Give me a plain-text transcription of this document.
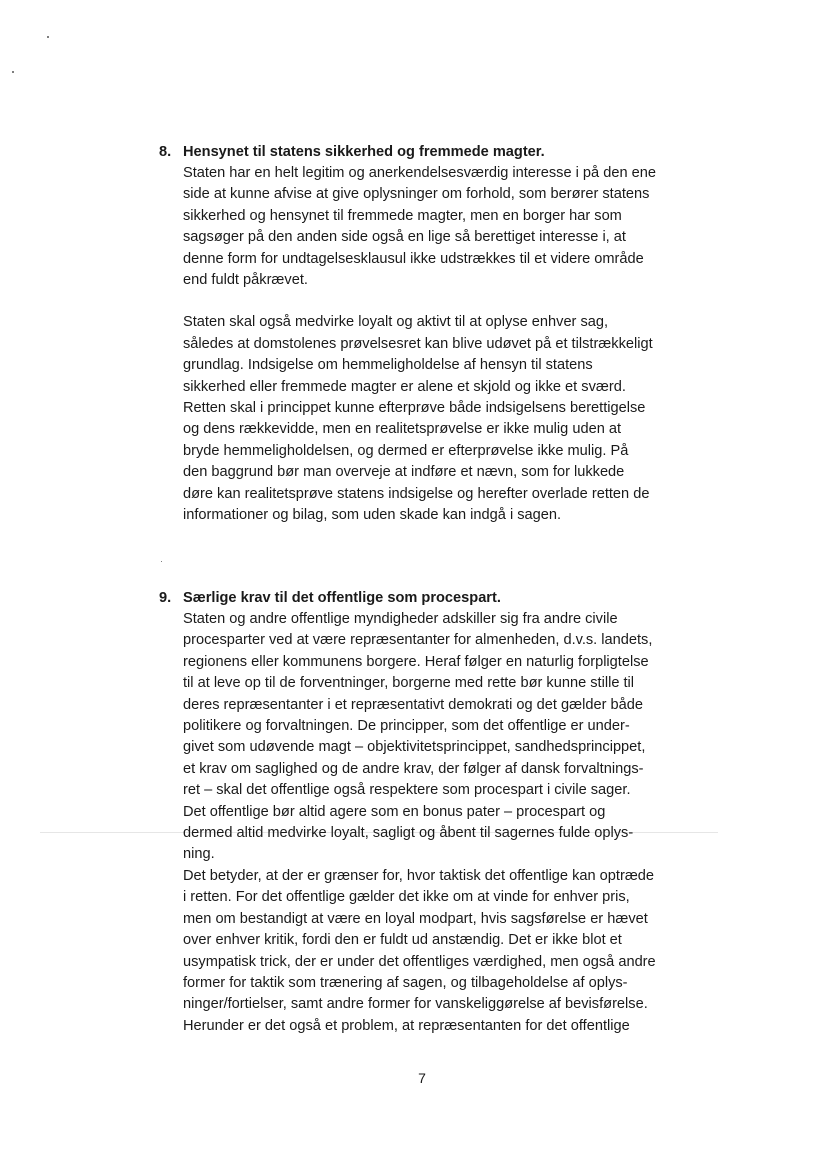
8. Hensynet til statens sikkerhed og fremmede magter.

Staten har en helt legitim og anerkendelsesværdig interesse i på den ene
side at kunne afvise at give oplysninger om forhold, som berører statens
sikkerhed og hensynet til fremmede magter, men en borger har som
sagsøger på den anden side også en lige så berettiget interesse i, at
denne form for undtagelsesklausul ikke udstrækkes til et videre område
end fuldt påkrævet.

Staten skal også medvirke loyalt og aktivt til at oplyse enhver sag,
således at domstolenes prøvelsesret kan blive udøvet på et tilstrækkeligt
grundlag. Indsigelse om hemmeligholdelse af hensyn til statens
sikkerhed eller fremmede magter er alene et skjold og ikke et sværd.
Retten skal i princippet kunne efterprøve både indsigelsens berettigelse
og dens rækkevidde, men en realitetsprøvelse er ikke mulig uden at
bryde hemmeligholdelsen, og dermed er efterprøvelse ikke mulig. På
den baggrund bør man overveje at indføre et nævn, som for lukkede
døre kan realitetsprøve statens indsigelse og herefter overlade retten de
informationer og bilag, som uden skade kan indgå i sagen.

9. Særlige krav til det offentlige som procespart.

Staten og andre offentlige myndigheder adskiller sig fra andre civile
procesparter ved at være repræsentanter for almenheden, d.v.s. landets,
regionens eller kommunens borgere. Heraf følger en naturlig forpligtelse
til at leve op til de forventninger, borgerne med rette bør kunne stille til
deres repræsentanter i et repræsentativt demokrati og det gælder både
politikere og forvaltningen. De principper, som det offentlige er under-
givet som udøvende magt – objektivitetsprincippet, sandhedsprincippet,
et krav om saglighed og de andre krav, der følger af dansk forvaltnings-
ret – skal det offentlige også respektere som procespart i civile sager.
Det offentlige bør altid agere som en bonus pater – procespart og
dermed altid medvirke loyalt, sagligt og åbent til sagernes fulde oplys-
ning.

Det betyder, at der er grænser for, hvor taktisk det offentlige kan optræde
i retten. For det offentlige gælder det ikke om at vinde for enhver pris,
men om bestandigt at være en loyal modpart, hvis sagsførelse er hævet
over enhver kritik, fordi den er fuldt ud anstændig. Det er ikke blot et
usympatisk trick, der er under det offentliges værdighed, men også andre
former for taktik som trænering af sagen, og tilbageholdelse af oplys-
ninger/fortielser, samt andre former for vanskeliggørelse af bevisførelse.
Herunder er det også et problem, at repræsentanten for det offentlige

7
